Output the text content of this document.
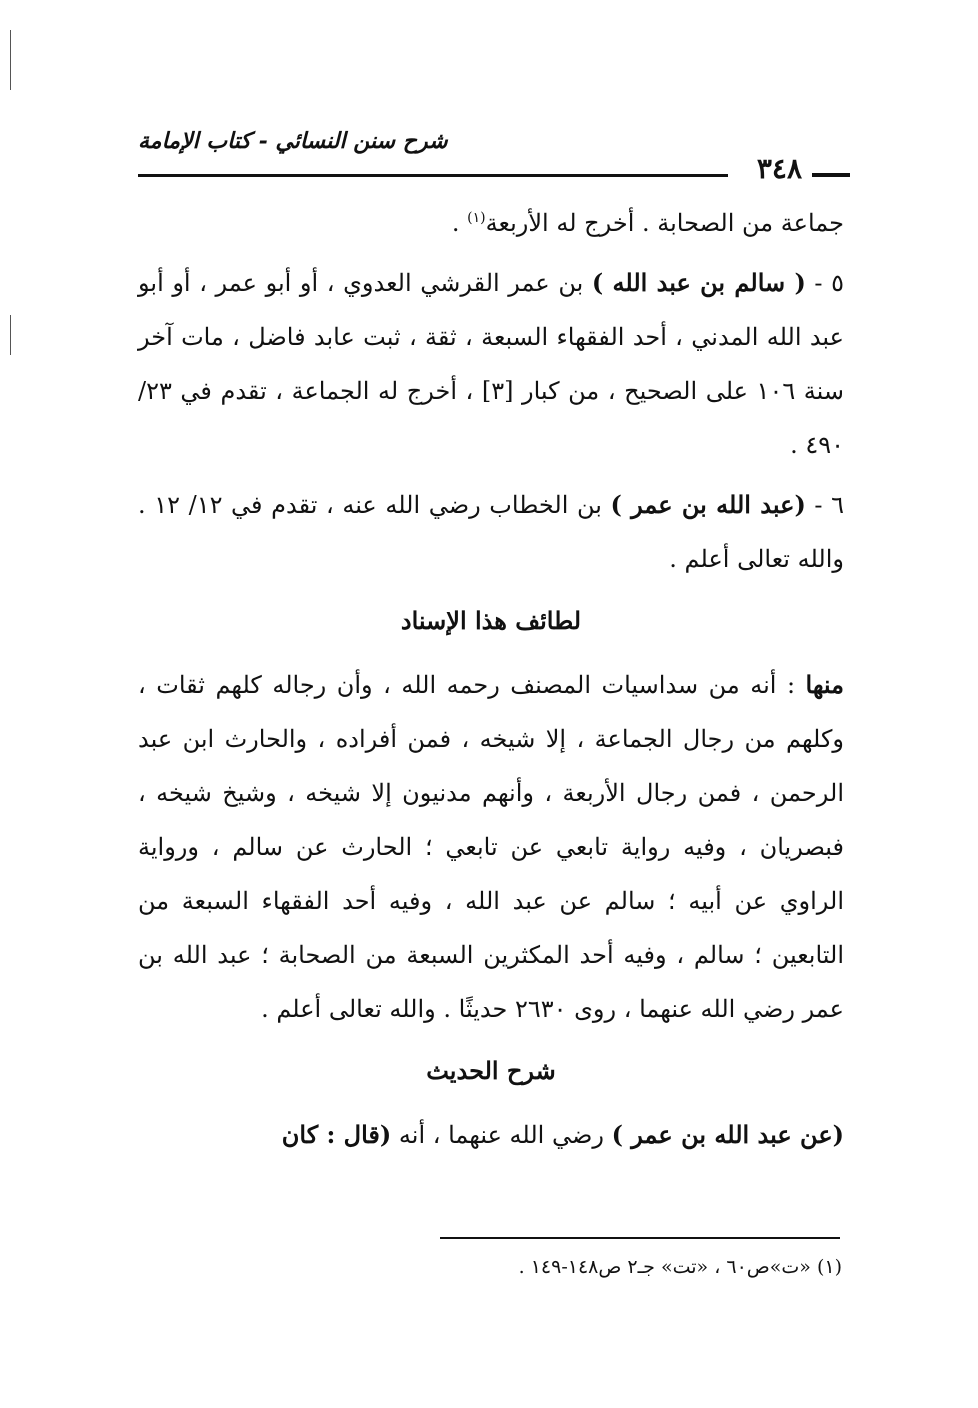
شرح سنن النسائي - كتاب الإمامة
٣٤٨

جماعة من الصحابة . أخرج له الأربعة$^{(١)}$ .

٥ - ( سالم بن عبد الله ) بن عمر القرشي العدوي ، أو أبو عمر ، أو أبو عبد الله المدني ، أحد الفقهاء السبعة ، ثقة ، ثبت عابد فاضل ، مات آخر سنة ١٠٦ على الصحيح ، من كبار [٣] ، أخرج له الجماعة ، تقدم في ٢٣/ ٤٩٠ .

٦ - (عبد الله بن عمر ) بن الخطاب رضي الله عنه ، تقدم في ١٢/ ١٢ . والله تعالى أعلم .

لطائف هذا الإسناد

منها : أنه من سداسيات المصنف رحمه الله ، وأن رجاله كلهم ثقات ، وكلهم من رجال الجماعة ، إلا شيخه ، فمن أفراده ، والحارث ابن عبد الرحمن ، فمن رجال الأربعة ، وأنهم مدنيون إلا شيخه ، وشيخ شيخه ، فبصريان ، وفيه رواية تابعي عن تابعي ؛ الحارث عن سالم ، ورواية الراوي عن أبيه ؛ سالم عن عبد الله ، وفيه أحد الفقهاء السبعة من التابعين ؛ سالم ، وفيه أحد المكثرين السبعة من الصحابة ؛ عبد الله بن عمر رضي الله عنهما ، روى ٢٦٣٠ حديثًا . والله تعالى أعلم .

شرح الحديث

(عن عبد الله بن عمر ) رضي الله عنهما ، أنه (قال : كان

(١) «ت»ص٦٠ ، «تت» جـ٢ ص١٤٨-١٤٩ .
